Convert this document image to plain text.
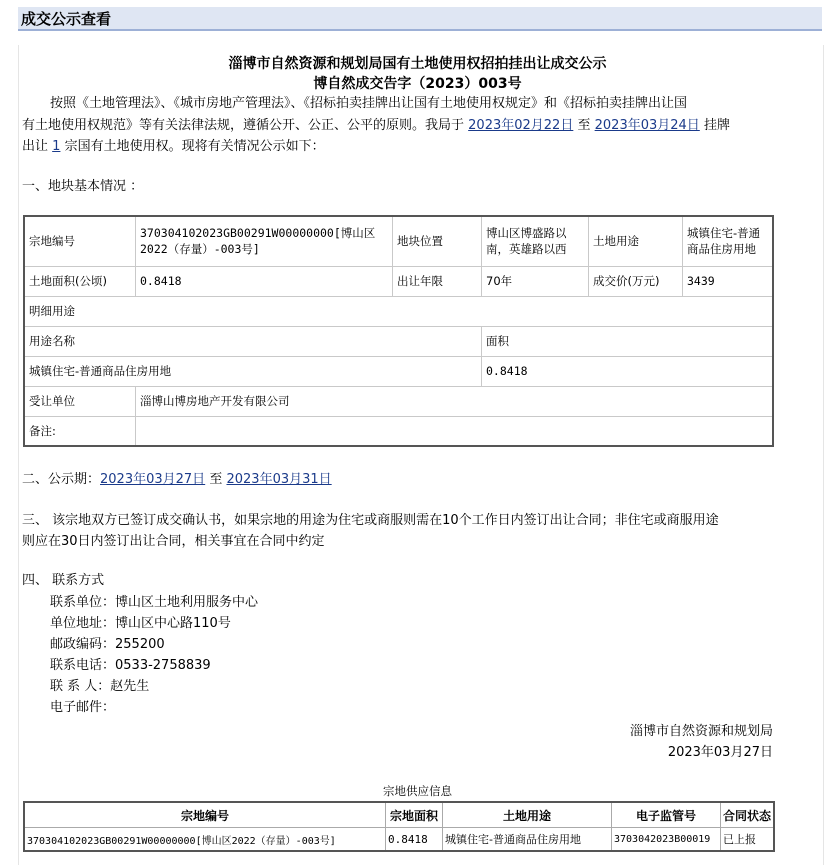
成交公示查看
淄博市自然资源和规划局国有土地使用权招拍挂出让成交公示
博自然成交告字（2023）003号
按照《土地管理法》、《城市房地产管理法》、《招标拍卖挂牌出让国有土地使用权规定》和《招标拍卖挂牌出让国
有土地使用权规范》等有关法律法规，遵循公开、公正、公平的原则。我局于 2023年02月22日 至 2023年03月24日 挂牌
出让 1 宗国有土地使用权。现将有关情况公示如下：
一、地块基本情况 ：
宗地编号	370304102023GB00291W00000000[博山区2022（存量）-003号]	地块位置	博山区博盛路以南，英雄路以西	土地用途	城镇住宅-普通商品住房用地
土地面积(公顷)	0.8418	出让年限	70年	成交价(万元)	3439
明细用途					
用途名称			面积		
城镇住宅-普通商品住房用地			0.8418		
受让单位	淄博山博房地产开发有限公司				
备注:					
二、公示期：2023年03月27日 至 2023年03月31日
三、 该宗地双方已签订成交确认书，如果宗地的用途为住宅或商服则需在10个工作日内签订出让合同；非住宅或商服用途
则应在30日内签订出让合同，相关事宜在合同中约定
四、 联系方式
联系单位：博山区土地利用服务中心
单位地址：博山区中心路110号
邮政编码：255200
联系电话：0533-2758839
联 系 人：赵先生
电子邮件：
淄博市自然资源和规划局
2023年03月27日
宗地供应信息
宗地编号	宗地面积	土地用途	电子监管号	合同状态
370304102023GB00291W00000000[博山区2022（存量）-003号]	0.8418	城镇住宅-普通商品住房用地	3703042023B00019	已上报
